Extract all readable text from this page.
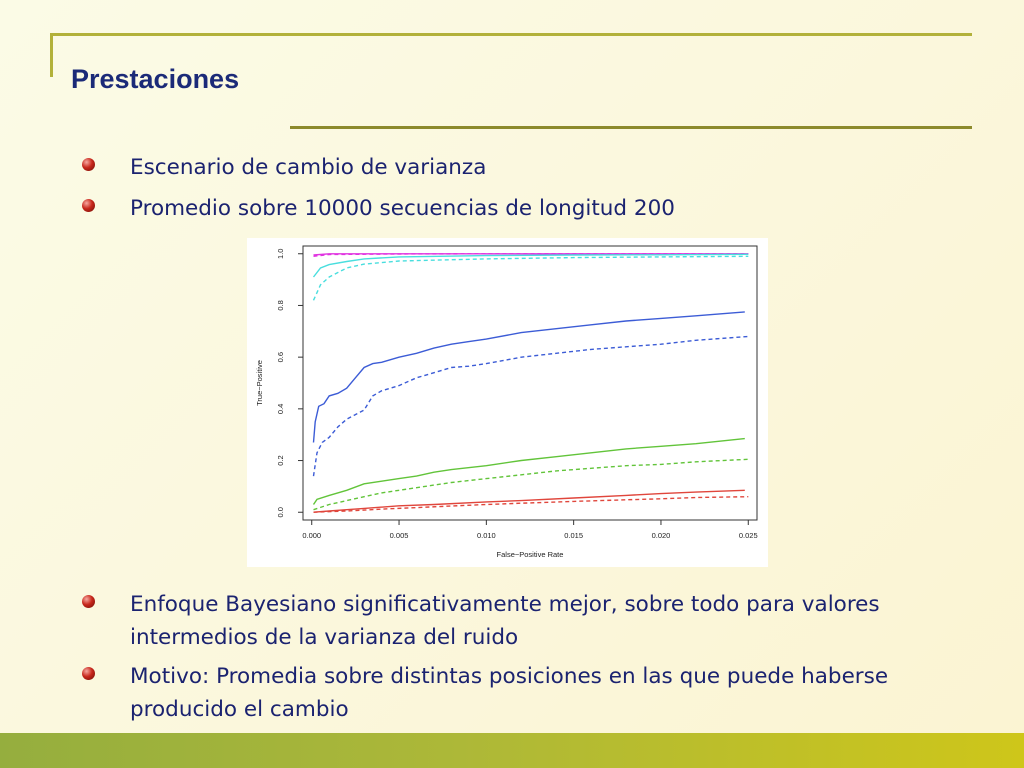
Prestaciones
Escenario de cambio de varianza
Promedio sobre 10000 secuencias de longitud 200
Enfoque Bayesiano significativamente mejor, sobre todo para valores intermedios de la varianza del ruido
Motivo: Promedia sobre distintas posiciones en las que puede haberse producido el cambio
0.000	0.005	0.010	0.015	0.020	0.025
0.0
0.2
0.4
0.6
0.8
1.0
False−Positive Rate
True−Positive
